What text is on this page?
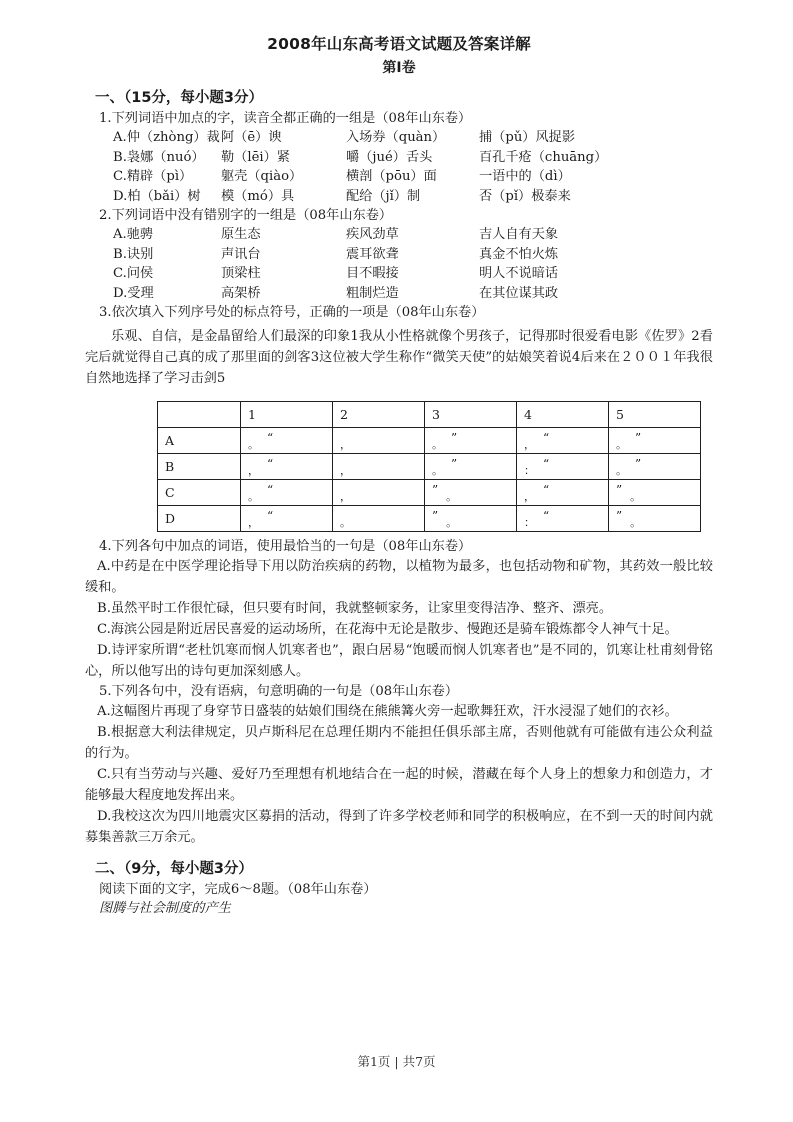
2008年山东高考语文试题及答案详解
第Ⅰ卷
一、（15分，每小题3分）
1.下列词语中加点的字，读音全都正确的一组是（08年山东卷）
A.仲（zhòng）裁阿（ē）谀	入场券（quàn）	捕（pǔ）风捉影
B.袅娜（nuó） 勒（lēi）紧	嚼（jué）舌头	百孔千疮（chuāng）
C.精辟（pì） 躯壳（qiào）	横剖（pōu）面	一语中的（dì）
D.柏（bǎi）树 模（mó）具	配给（jǐ）制	否（pǐ）极泰来
2.下列词语中没有错别字的一组是（08年山东卷）
A.驰骋	原生态	疾风劲草	吉人自有天象
B.诀别	声讯台	震耳欲聋	真金不怕火炼
C.问侯	顶梁柱	目不暇接	明人不说暗话
D.受理	高架桥	粗制烂造	在其位谋其政
3.依次填入下列序号处的标点符号，正确的一项是（08年山东卷）
乐观、自信，是金晶留给人们最深的印象1我从小性格就像个男孩子，记得那时很爱看电影《佐罗》2看完后就觉得自己真的成了那里面的剑客3这位被大学生称作“微笑天使”的姑娘笑着说4后来在２００１年我很自然地选择了学习击剑5
	1	2	3	4	5
A	。 “	，	。 ”	， “	。 ”
B	， “	，	。 ”	： “	。 ”
C	。 “	，	” 。	， “	” 。
D	， “	。	” 。	： “	” 。
4.下列各句中加点的词语，使用最恰当的一句是（08年山东卷）
A.中药是在中医学理论指导下用以防治疾病的药物，以植物为最多，也包括动物和矿物，其药效一般比较缓和。
B.虽然平时工作很忙碌，但只要有时间，我就整顿家务，让家里变得洁净、整齐、漂亮。
C.海滨公园是附近居民喜爱的运动场所，在花海中无论是散步、慢跑还是骑车锻炼都令人神气十足。
D.诗评家所谓“老杜饥寒而悯人饥寒者也”，跟白居易“饱暖而悯人饥寒者也”是不同的，饥寒让杜甫刻骨铭心，所以他写出的诗句更加深刻感人。
5.下列各句中，没有语病，句意明确的一句是（08年山东卷）
A.这幅图片再现了身穿节日盛装的姑娘们围绕在熊熊篝火旁一起歌舞狂欢，汗水浸湿了她们的衣衫。
B.根据意大利法律规定，贝卢斯科尼在总理任期内不能担任俱乐部主席，否则他就有可能做有违公众利益的行为。
C.只有当劳动与兴趣、爱好乃至理想有机地结合在一起的时候，潜藏在每个人身上的想象力和创造力，才能够最大程度地发挥出来。
D.我校这次为四川地震灾区募捐的活动，得到了许多学校老师和同学的积极响应，在不到一天的时间内就募集善款三万余元。
二、（9分，每小题3分）
阅读下面的文字，完成6～8题。（08年山东卷）
图腾与社会制度的产生
第1页 | 共7页
